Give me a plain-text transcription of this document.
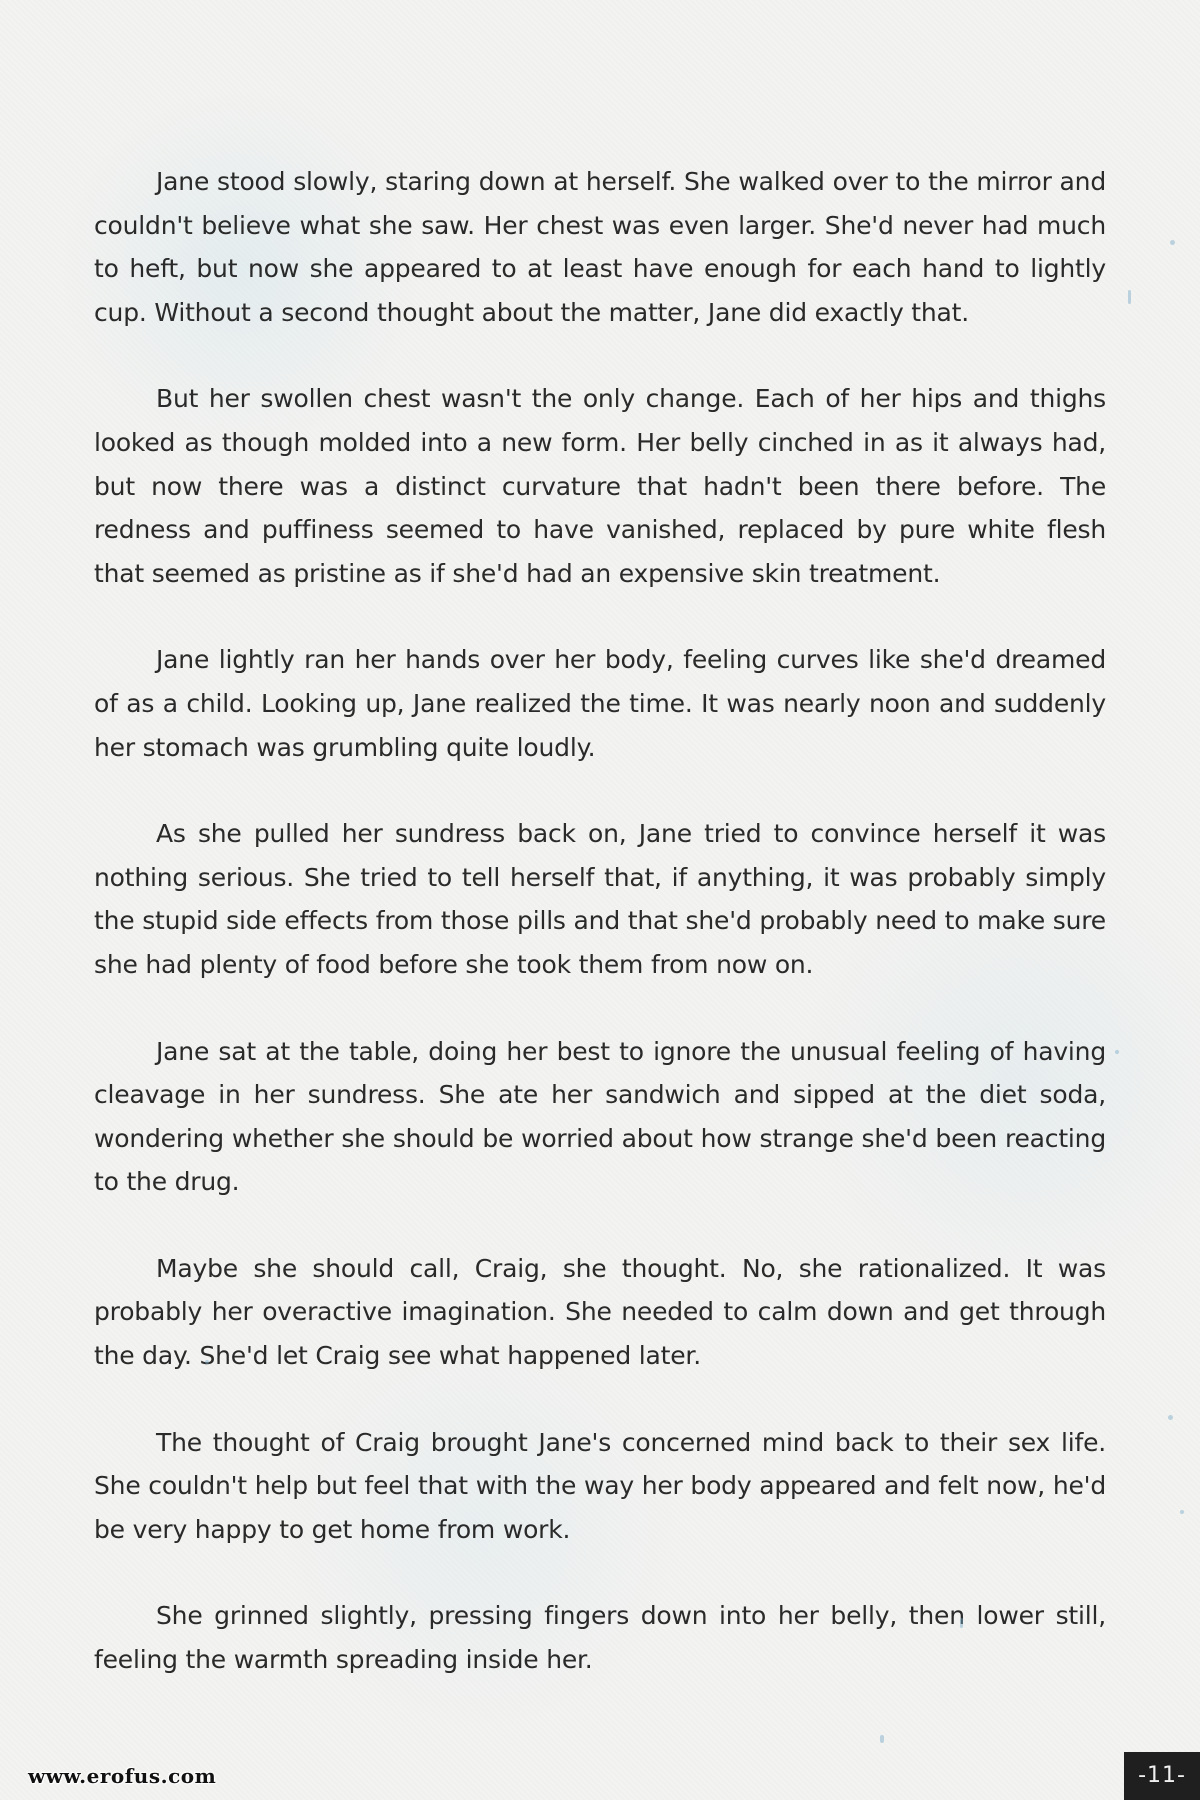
Jane stood slowly, staring down at herself. She walked over to the mirror and couldn't believe what she saw. Her chest was even larger. She'd never had much to heft, but now she appeared to at least have enough for each hand to lightly cup. Without a second thought about the matter, Jane did exactly that.

But her swollen chest wasn't the only change. Each of her hips and thighs looked as though molded into a new form. Her belly cinched in as it always had, but now there was a distinct curvature that hadn't been there before. The redness and puffiness seemed to have vanished, replaced by pure white flesh that seemed as pristine as if she'd had an expensive skin treatment.

Jane lightly ran her hands over her body, feeling curves like she'd dreamed of as a child. Looking up, Jane realized the time. It was nearly noon and suddenly her stomach was grumbling quite loudly.

As she pulled her sundress back on, Jane tried to convince herself it was nothing serious. She tried to tell herself that, if anything, it was probably simply the stupid side effects from those pills and that she'd probably need to make sure she had plenty of food before she took them from now on.

Jane sat at the table, doing her best to ignore the unusual feeling of having cleavage in her sundress. She ate her sandwich and sipped at the diet soda, wondering whether she should be worried about how strange she'd been reacting to the drug.

Maybe she should call, Craig, she thought. No, she rationalized. It was probably her overactive imagination. She needed to calm down and get through the day. She'd let Craig see what happened later.

The thought of Craig brought Jane's concerned mind back to their sex life. She couldn't help but feel that with the way her body appeared and felt now, he'd be very happy to get home from work.

She grinned slightly, pressing fingers down into her belly, then lower still, feeling the warmth spreading inside her.

-11-
www.erofus.com
